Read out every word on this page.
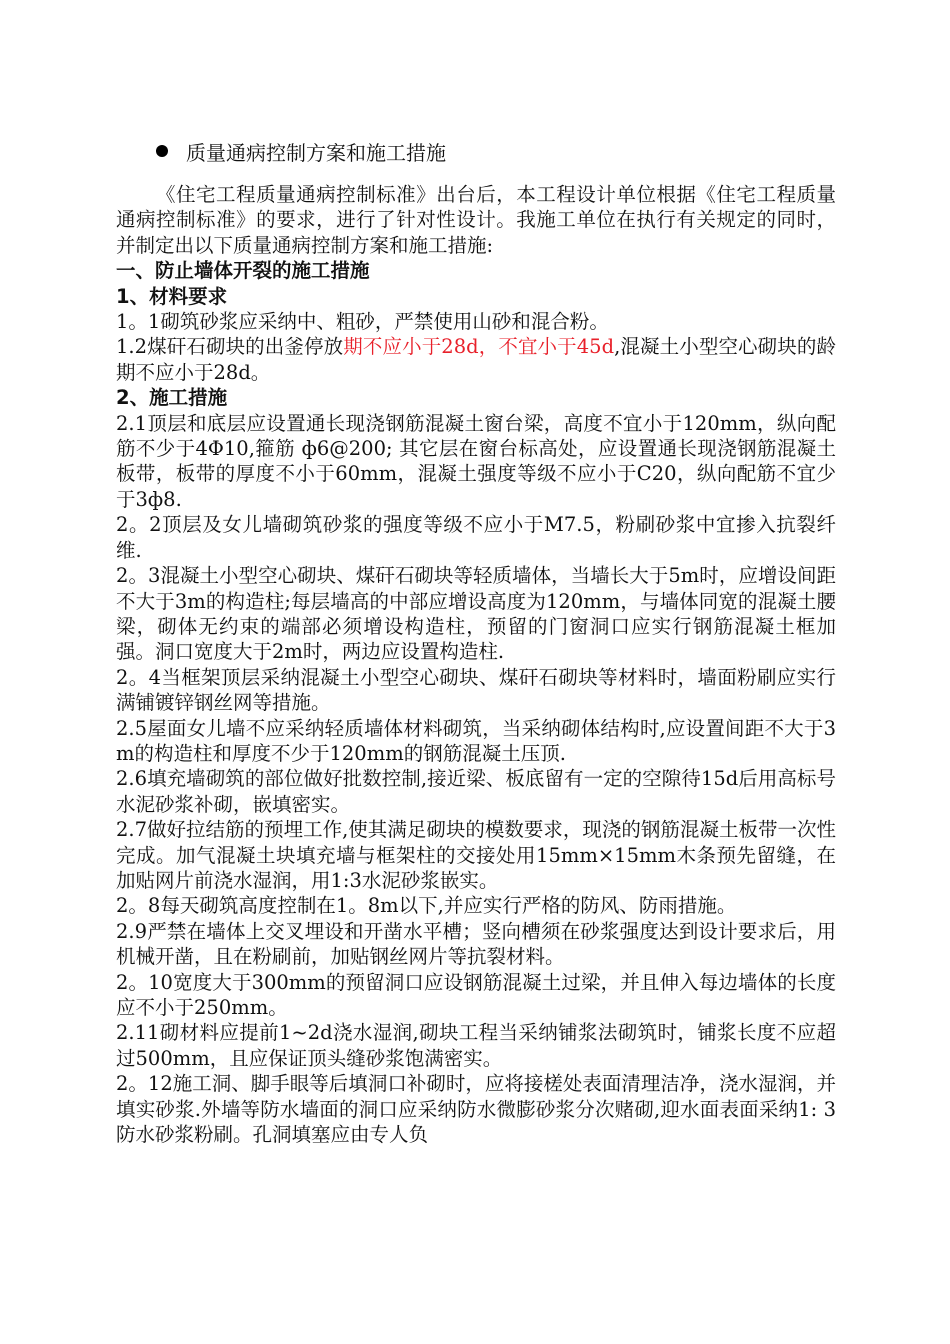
质量通病控制方案和施工措施

《住宅工程质量通病控制标准》出台后，本工程设计单位根据《住宅工程质量通病控制标准》的要求，进行了针对性设计。我施工单位在执行有关规定的同时，并制定出以下质量通病控制方案和施工措施:

一、防止墙体开裂的施工措施

1、材料要求

1。1砌筑砂浆应采纳中、粗砂，严禁使用山砂和混合粉。

1.2煤矸石砌块的出釜停放期不应小于28d，不宜小于45d,混凝土小型空心砌块的龄期不应小于28d。

2、施工措施

2.1顶层和底层应设置通长现浇钢筋混凝土窗台梁，高度不宜小于120mm，纵向配筋不少于4Φ10,箍筋 ф6@200; 其它层在窗台标高处，应设置通长现浇钢筋混凝土板带，板带的厚度不小于60mm，混凝土强度等级不应小于C20，纵向配筋不宜少于3ф8.

2。2顶层及女儿墙砌筑砂浆的强度等级不应小于M7.5，粉刷砂浆中宜掺入抗裂纤维.

2。3混凝土小型空心砌块、煤矸石砌块等轻质墙体，当墙长大于5m时，应增设间距不大于3m的构造柱;每层墙高的中部应增设高度为120mm，与墙体同宽的混凝土腰梁，砌体无约束的端部必须增设构造柱，预留的门窗洞口应实行钢筋混凝土框加强。洞口宽度大于2m时，两边应设置构造柱.

2。4当框架顶层采纳混凝土小型空心砌块、煤矸石砌块等材料时，墙面粉刷应实行满铺镀锌钢丝网等措施。

2.5屋面女儿墙不应采纳轻质墙体材料砌筑，当采纳砌体结构时,应设置间距不大于3m的构造柱和厚度不少于120mm的钢筋混凝土压顶.

2.6填充墙砌筑的部位做好批数控制,接近梁、板底留有一定的空隙待15d后用高标号水泥砂浆补砌，嵌填密实。

2.7做好拉结筋的预埋工作,使其满足砌块的模数要求，现浇的钢筋混凝土板带一次性完成。加气混凝土块填充墙与框架柱的交接处用15mm×15mm木条预先留缝，在加贴网片前浇水湿润，用1:3水泥砂浆嵌实。

2。8每天砌筑高度控制在1。8m以下,并应实行严格的防风、防雨措施。

2.9严禁在墙体上交叉埋设和开凿水平槽；竖向槽须在砂浆强度达到设计要求后，用机械开凿，且在粉刷前，加贴钢丝网片等抗裂材料。

2。10宽度大于300mm的预留洞口应设钢筋混凝土过梁，并且伸入每边墙体的长度应不小于250mm。

2.11砌材料应提前1~2d浇水湿润,砌块工程当采纳铺浆法砌筑时，铺浆长度不应超过500mm，且应保证顶头缝砂浆饱满密实。

2。12施工洞、脚手眼等后填洞口补砌时，应将接槎处表面清理洁净，浇水湿润，并填实砂浆.外墙等防水墙面的洞口应采纳防水微膨砂浆分次赌砌,迎水面表面采纳1: 3防水砂浆粉刷。孔洞填塞应由专人负
